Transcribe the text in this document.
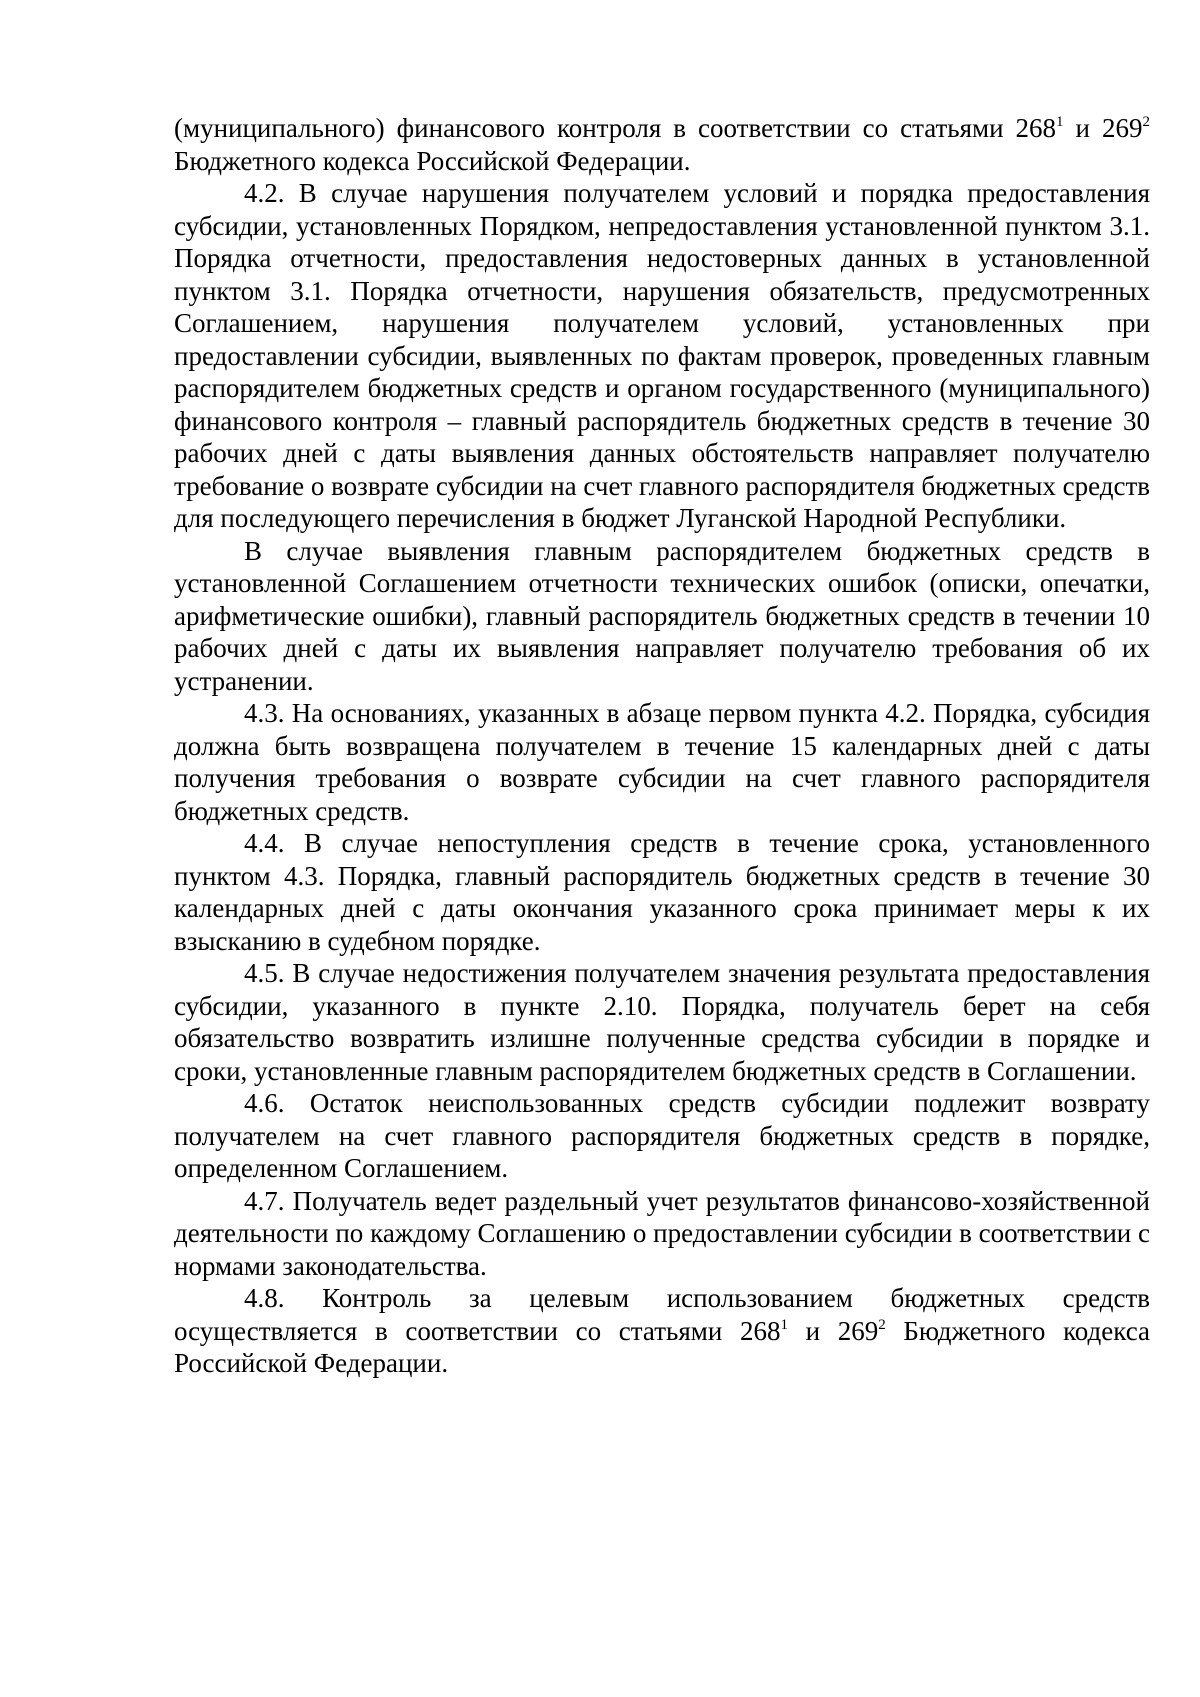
(муниципального) финансового контроля в соответствии со статьями $268^1$ и $269^2$ Бюджетного кодекса Российской Федерации.

4.2. В случае нарушения получателем условий и порядка предоставления субсидии, установленных Порядком, непредоставления установленной пунктом 3.1. Порядка отчетности, предоставления недостоверных данных в установленной пунктом 3.1. Порядка отчетности, нарушения обязательств, предусмотренных Соглашением, нарушения получателем условий, установленных при предоставлении субсидии, выявленных по фактам проверок, проведенных главным распорядителем бюджетных средств и органом государственного (муниципального) финансового контроля – главный распорядитель бюджетных средств в течение 30 рабочих дней с даты выявления данных обстоятельств направляет получателю требование о возврате субсидии на счет главного распорядителя бюджетных средств для последующего перечисления в бюджет Луганской Народной Республики.

В случае выявления главным распорядителем бюджетных средств в установленной Соглашением отчетности технических ошибок (описки, опечатки, арифметические ошибки), главный распорядитель бюджетных средств в течении 10 рабочих дней с даты их выявления направляет получателю требования об их устранении.

4.3. На основаниях, указанных в абзаце первом пункта 4.2. Порядка, субсидия должна быть возвращена получателем в течение 15 календарных дней с даты получения требования о возврате субсидии на счет главного распорядителя бюджетных средств.

4.4. В случае непоступления средств в течение срока, установленного пунктом 4.3. Порядка, главный распорядитель бюджетных средств в течение 30 календарных дней с даты окончания указанного срока принимает меры к их взысканию в судебном порядке.

4.5. В случае недостижения получателем значения результата предоставления субсидии, указанного в пункте 2.10. Порядка, получатель берет на себя обязательство возвратить излишне полученные средства субсидии в порядке и сроки, установленные главным распорядителем бюджетных средств в Соглашении.

4.6. Остаток неиспользованных средств субсидии подлежит возврату получателем на счет главного распорядителя бюджетных средств в порядке, определенном Соглашением.

4.7. Получатель ведет раздельный учет результатов финансово-хозяйственной деятельности по каждому Соглашению о предоставлении субсидии в соответствии с нормами законодательства.

4.8. Контроль за целевым использованием бюджетных средств осуществляется в соответствии со статьями $268^1$ и $269^2$ Бюджетного кодекса Российской Федерации.
